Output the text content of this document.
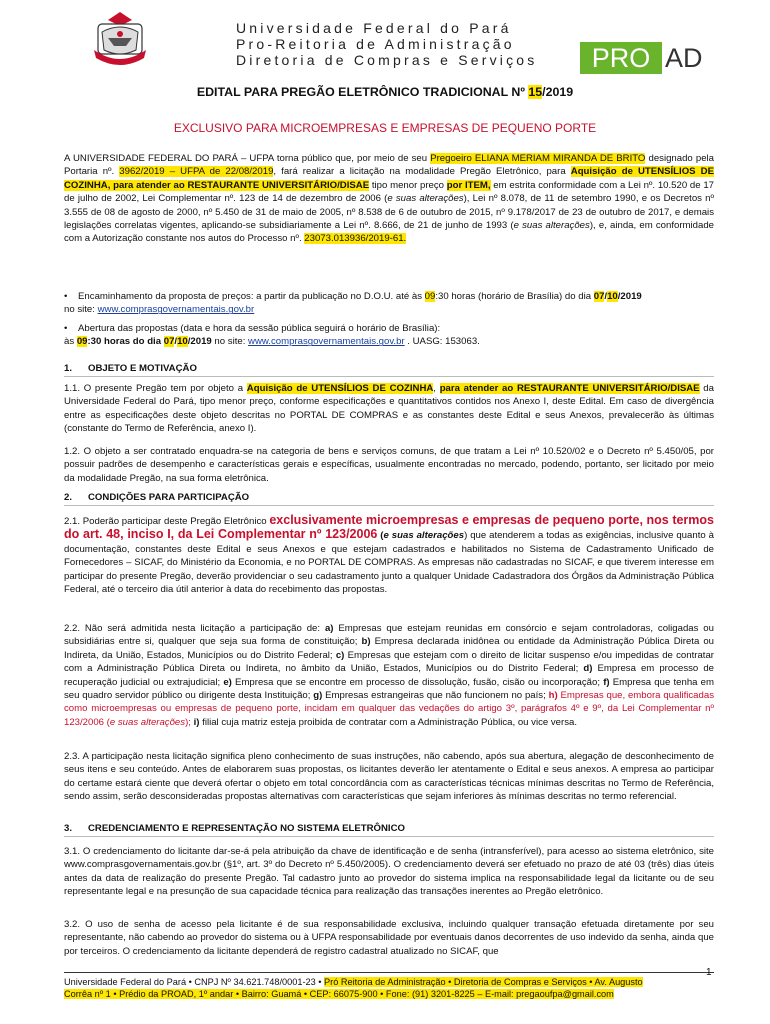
Universidade Federal do Pará
Pro-Reitoria de Administração
Diretoria de Compras e Serviços	PRO AD
EDITAL PARA PREGÃO ELETRÔNICO TRADICIONAL Nº 15/2019
EXCLUSIVO PARA MICROEMPRESAS E EMPRESAS DE PEQUENO PORTE
A UNIVERSIDADE FEDERAL DO PARÁ – UFPA torna público que, por meio de seu Pregoeiro ELIANA MERIAM MIRANDA DE BRITO designado pela Portaria nº. 3962/2019 – UFPA de 22/08/2019, fará realizar a licitação na modalidade Pregão Eletrônico, para Aquisição de UTENSÍLIOS DE COZINHA, para atender ao RESTAURANTE UNIVERSITÁRIO/DISAE tipo menor preço por ITEM, em estrita conformidade com a Lei nº. 10.520 de 17 de julho de 2002, Lei Complementar nº. 123 de 14 de dezembro de 2006 (e suas alterações), Lei nº 8.078, de 11 de setembro 1990, e os Decretos nº 3.555 de 08 de agosto de 2000, nº 5.450 de 31 de maio de 2005, nº 8.538 de 6 de outubro de 2015, nº 9.178/2017 de 23 de outubro de 2017, e demais legislações correlatas vigentes, aplicando-se subsidiariamente a Lei nº. 8.666, de 21 de junho de 1993 (e suas alterações), e, ainda, em conformidade com a Autorização constante nos autos do Processo nº. 23073.013936/2019-61.
•    Encaminhamento da proposta de preços: a partir da publicação no D.O.U. até às 09:30 horas (horário de Brasília) do dia 07/10/2019
no site: www.comprasgovernamentais.gov.br
•    Abertura das propostas (data e hora da sessão pública seguirá o horário de Brasília):
às 09:30 horas do dia 07/10/2019 no site: www.comprasgovernamentais.gov.br . UASG: 153063.
1. OBJETO E MOTIVAÇÃO
1.1. O presente Pregão tem por objeto a Aquisição de UTENSÍLIOS DE COZINHA, para atender ao RESTAURANTE UNIVERSITÁRIO/DISAE da Universidade Federal do Pará, tipo menor preço, conforme especificações e quantitativos contidos nos Anexo I, deste Edital. Em caso de divergência entre as especificações deste objeto descritas no PORTAL DE COMPRAS e as constantes deste Edital e seus Anexos, prevalecerão às últimas (constante do Termo de Referência, anexo I).
1.2. O objeto a ser contratado enquadra-se na categoria de bens e serviços comuns, de que tratam a Lei nº 10.520/02 e o Decreto nº 5.450/05, por possuir padrões de desempenho e características gerais e específicas, usualmente encontradas no mercado, podendo, portanto, ser licitado por meio da modalidade Pregão, na sua forma eletrônica.
2. CONDIÇÕES PARA PARTICIPAÇÃO
2.1. Poderão participar deste Pregão Eletrônico exclusivamente microempresas e empresas de pequeno porte, nos termos do art. 48, inciso I, da Lei Complementar nº 123/2006 (e suas alterações) que atenderem a todas as exigências, inclusive quanto à documentação, constantes deste Edital e seus Anexos e que estejam cadastrados e habilitados no Sistema de Cadastramento Unificado de Fornecedores – SICAF, do Ministério da Economia, e no PORTAL DE COMPRAS. As empresas não cadastradas no SICAF, e que tiverem interesse em participar do presente Pregão, deverão providenciar o seu cadastramento junto a qualquer Unidade Cadastradora dos Órgãos da Administração Pública Federal, até o terceiro dia útil anterior à data do recebimento das propostas.
2.2. Não será admitida nesta licitação a participação de: a) Empresas que estejam reunidas em consórcio e sejam controladoras, coligadas ou subsidiárias entre si, qualquer que seja sua forma de constituição; b) Empresa declarada inidônea ou entidade da Administração Pública Direta ou Indireta, da União, Estados, Municípios ou do Distrito Federal; c) Empresas que estejam com o direito de licitar suspenso e/ou impedidas de contratar com a Administração Pública Direta ou Indireta, no âmbito da União, Estados, Municípios ou do Distrito Federal; d) Empresa em processo de recuperação judicial ou extrajudicial; e) Empresa que se encontre em processo de dissolução, fusão, cisão ou incorporação; f) Empresa que tenha em seu quadro servidor público ou dirigente desta Instituição; g) Empresas estrangeiras que não funcionem no país; h) Empresas que, embora qualificadas como microempresas ou empresas de pequeno porte, incidam em qualquer das vedações do artigo 3º, parágrafos 4º e 9º, da Lei Complementar nº 123/2006 (e suas alterações); i) filial cuja matriz esteja proibida de contratar com a Administração Pública, ou vice versa.
2.3. A participação nesta licitação significa pleno conhecimento de suas instruções, não cabendo, após sua abertura, alegação de desconhecimento de seus itens e seu conteúdo. Antes de elaborarem suas propostas, os licitantes deverão ler atentamente o Edital e seus anexos. A empresa ao participar do certame estará ciente que deverá ofertar o objeto em total concordância com as características técnicas mínimas descritas no Termo de Referência, sendo assim, serão desconsideradas propostas alternativas com características que sejam inferiores às mínimas descritas no termo referencial.
3. CREDENCIAMENTO E REPRESENTAÇÃO NO SISTEMA ELETRÔNICO
3.1. O credenciamento do licitante dar-se-á pela atribuição da chave de identificação e de senha (intransferível), para acesso ao sistema eletrônico, site www.comprasgovernamentais.gov.br (§1º, art. 3º do Decreto nº 5.450/2005). O credenciamento deverá ser efetuado no prazo de até 03 (três) dias úteis antes da data de realização do presente Pregão. Tal cadastro junto ao provedor do sistema implica na responsabilidade legal da licitante ou de seu representante legal e na presunção de sua capacidade técnica para realização das transações inerentes ao Pregão eletrônico.
3.2. O uso de senha de acesso pela licitante é de sua responsabilidade exclusiva, incluindo qualquer transação efetuada diretamente por seu representante, não cabendo ao provedor do sistema ou à UFPA responsabilidade por eventuais danos decorrentes de uso indevido da senha, ainda que por terceiros. O credenciamento da licitante dependerá de registro cadastral atualizado no SICAF, que
1
Universidade Federal do Pará • CNPJ Nº 34.621.748/0001-23 • Pró Reitoria de Administração • Diretoria de Compras e Serviços • Av. Augusto
Corrêa nº 1 • Prédio da PROAD, 1º andar • Bairro: Guamá • CEP: 66075-900 • Fone: (91) 3201-8225 – E-mail: pregaoufpa@gmail.com
